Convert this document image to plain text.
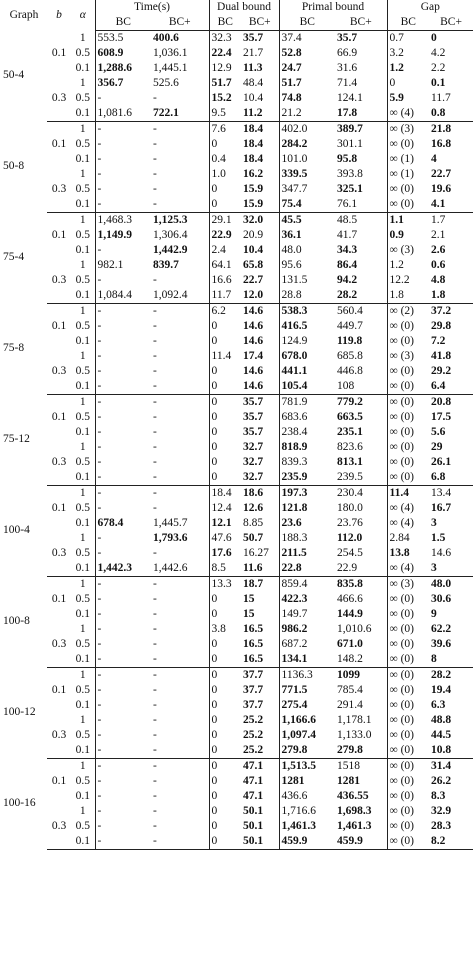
Graph	b	α	Time(s)		Dual bound		Primal bound		Gap	
			BC	BC+	BC	BC+	BC	BC+	BC	BC+
50-4		1	553.5	400.6	32.3	35.7	37.4	35.7	0.7	0
	0.1	0.5	608.9	1,036.1	22.4	21.7	52.8	66.9	3.2	4.2
		0.1	1,288.6	1,445.1	12.9	11.3	24.7	31.6	1.2	2.2
		1	356.7	525.6	51.7	48.4	51.7	71.4	0	0.1
	0.3	0.5	-	-	15.2	10.4	74.8	124.1	5.9	11.7
		0.1	1,081.6	722.1	9.5	11.2	21.2	17.8	∞ (4)	0.8
50-8		1	-	-	7.6	18.4	402.0	389.7	∞ (3)	21.8
	0.1	0.5	-	-	0	18.4	284.2	301.1	∞ (0)	16.8
		0.1	-	-	0.4	18.4	101.0	95.8	∞ (1)	4
		1	-	-	1.0	16.2	339.5	393.8	∞ (1)	22.7
	0.3	0.5	-	-	0	15.9	347.7	325.1	∞ (0)	19.6
		0.1	-	-	0	15.9	75.4	76.1	∞ (0)	4.1
75-4		1	1,468.3	1,125.3	29.1	32.0	45.5	48.5	1.1	1.7
	0.1	0.5	1,149.9	1,306.4	22.9	20.9	36.1	41.7	0.9	2.1
		0.1	-	1,442.9	2.4	10.4	48.0	34.3	∞ (3)	2.6
		1	982.1	839.7	64.1	65.8	95.6	86.4	1.2	0.6
	0.3	0.5	-	-	16.6	22.7	131.5	94.2	12.2	4.8
		0.1	1,084.4	1,092.4	11.7	12.0	28.8	28.2	1.8	1.8
75-8		1	-	-	6.2	14.6	538.3	560.4	∞ (2)	37.2
	0.1	0.5	-	-	0	14.6	416.5	449.7	∞ (0)	29.8
		0.1	-	-	0	14.6	124.9	119.8	∞ (0)	7.2
		1	-	-	11.4	17.4	678.0	685.8	∞ (3)	41.8
	0.3	0.5	-	-	0	14.6	441.1	446.8	∞ (0)	29.2
		0.1	-	-	0	14.6	105.4	108	∞ (0)	6.4
75-12		1	-	-	0	35.7	781.9	779.2	∞ (0)	20.8
	0.1	0.5	-	-	0	35.7	683.6	663.5	∞ (0)	17.5
		0.1	-	-	0	35.7	238.4	235.1	∞ (0)	5.6
		1	-	-	0	32.7	818.9	823.6	∞ (0)	29
	0.3	0.5	-	-	0	32.7	839.3	813.1	∞ (0)	26.1
		0.1	-	-	0	32.7	235.9	239.5	∞ (0)	6.8
100-4		1	-	-	18.4	18.6	197.3	230.4	11.4	13.4
	0.1	0.5	-	-	12.4	12.6	121.8	180.0	∞ (4)	16.7
		0.1	678.4	1,445.7	12.1	8.85	23.6	23.76	∞ (4)	3
		1	-	1,793.6	47.6	50.7	188.3	112.0	2.84	1.5
	0.3	0.5	-	-	17.6	16.27	211.5	254.5	13.8	14.6
		0.1	1,442.3	1,442.6	8.5	11.6	22.8	22.9	∞ (4)	3
100-8		1	-	-	13.3	18.7	859.4	835.8	∞ (3)	48.0
	0.1	0.5	-	-	0	15	422.3	466.6	∞ (0)	30.6
		0.1	-	-	0	15	149.7	144.9	∞ (0)	9
		1	-	-	3.8	16.5	986.2	1,010.6	∞ (0)	62.2
	0.3	0.5	-	-	0	16.5	687.2	671.0	∞ (0)	39.6
		0.1	-	-	0	16.5	134.1	148.2	∞ (0)	8
100-12		1	-	-	0	37.7	1136.3	1099	∞ (0)	28.2
	0.1	0.5	-	-	0	37.7	771.5	785.4	∞ (0)	19.4
		0.1	-	-	0	37.7	275.4	291.4	∞ (0)	6.3
		1	-	-	0	25.2	1,166.6	1,178.1	∞ (0)	48.8
	0.3	0.5	-	-	0	25.2	1,097.4	1,133.0	∞ (0)	44.5
		0.1	-	-	0	25.2	279.8	279.8	∞ (0)	10.8
100-16		1	-	-	0	47.1	1,513.5	1518	∞ (0)	31.4
	0.1	0.5	-	-	0	47.1	1281	1281	∞ (0)	26.2
		0.1	-	-	0	47.1	436.6	436.55	∞ (0)	8.3
		1	-	-	0	50.1	1,716.6	1,698.3	∞ (0)	32.9
	0.3	0.5	-	-	0	50.1	1,461.3	1,461.3	∞ (0)	28.3
		0.1	-	-	0	50.1	459.9	459.9	∞ (0)	8.2
